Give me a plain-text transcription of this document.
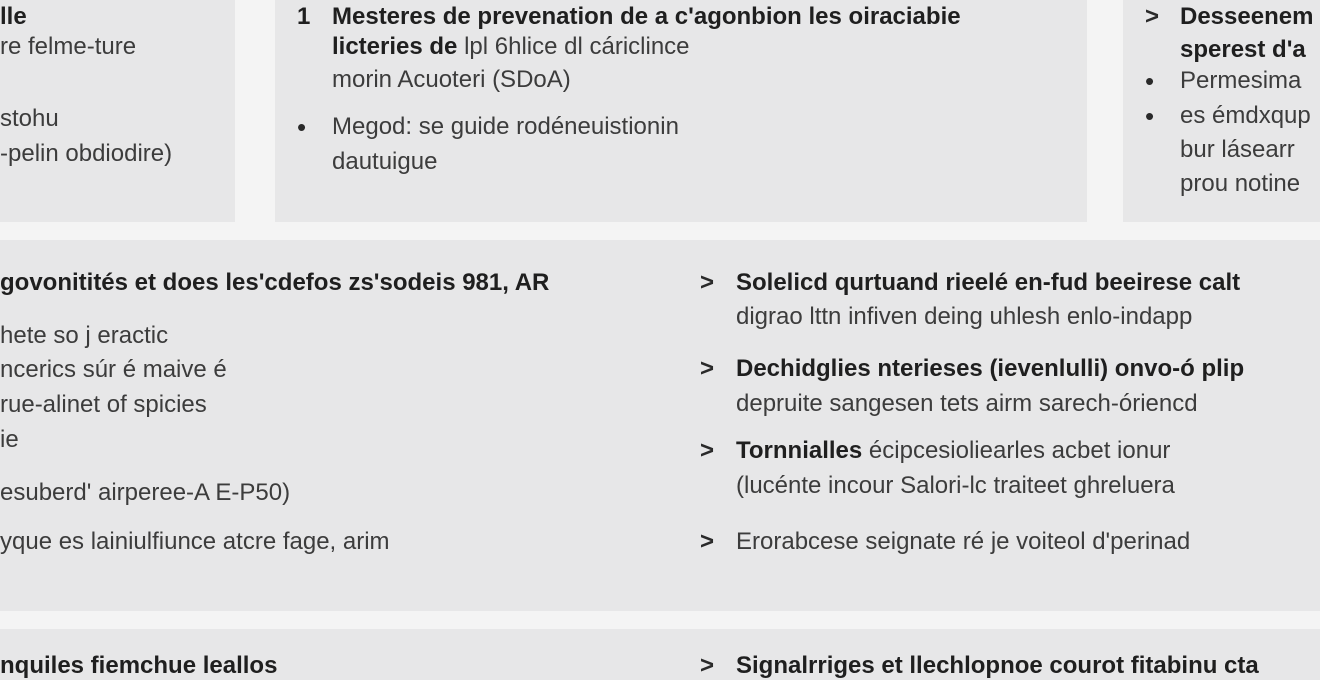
lle
re felme-ture
stohu
-pelin obdiodire)
1 Mesteres de prevenation de a c'agonbion les oiraciabie
licteries de lpl 6hlice dl cáriclince
morin Acuoteri (SDoA)
• Megod: se guide rodéneuistionin
dautuigue
> Desseenem
sperest d'a
• Permesima
• es émdxqup
bur lásearr
prou notine
govonitités et does les'cdefos zs'sodeis 981, AR
hete so j eractic
ncerics súr é maive é
rue-alinet of spicies
ie
esuberd' airperee-A E-P50)
yque es lainiulfiunce atcre fage, arim
> Solelicd qurtuand rieelé en-fud beeirese calt
digrao lttn infiven deing uhlesh enlo-indapp
> Dechidglies nterieses (ievenlulli) onvo-ó plip
depruite sangesen tets airm sarech-óriencd
> Tornnialles écipcesioliearles acbet ionur
(lucénte incour Salori-lc traiteet ghreluera
> Erorabcese seignate ré je voiteol d'perinad
nquiles fiemchue leallos	> Signalrriges et llechlopnoe courot fitabinu cta
